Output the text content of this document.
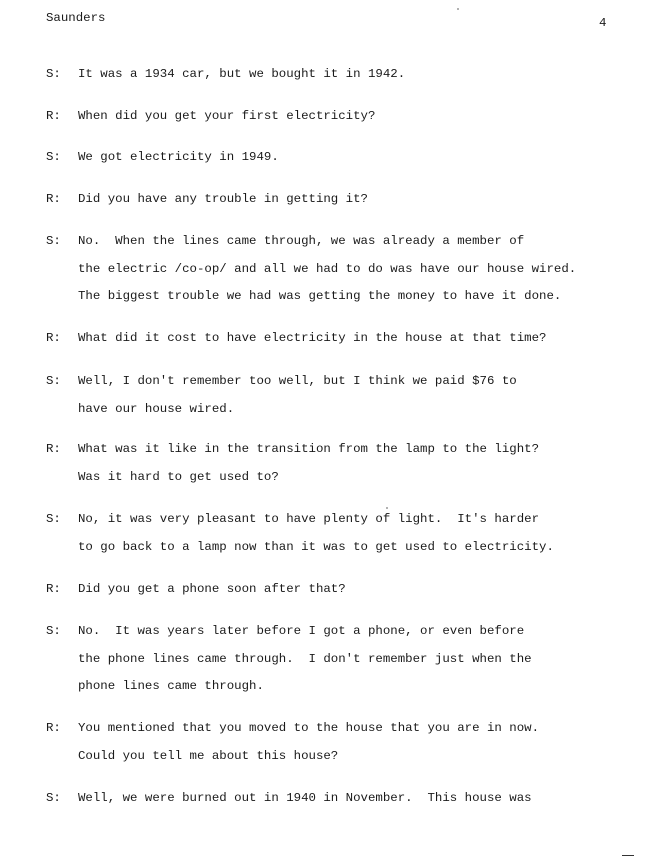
Saunders	4
S: It was a 1934 car, but we bought it in 1942.
R: When did you get your first electricity?
S: We got electricity in 1949.
R: Did you have any trouble in getting it?
S: No.  When the lines came through, we was already a member of
the electric /co-op/ and all we had to do was have our house wired.
The biggest trouble we had was getting the money to have it done.
R: What did it cost to have electricity in the house at that time?
S: Well, I don't remember too well, but I think we paid $76 to
have our house wired.
R: What was it like in the transition from the lamp to the light?
Was it hard to get used to?
S: No, it was very pleasant to have plenty of light.  It's harder
to go back to a lamp now than it was to get used to electricity.
R: Did you get a phone soon after that?
S: No.  It was years later before I got a phone, or even before
the phone lines came through.  I don't remember just when the
phone lines came through.
R: You mentioned that you moved to the house that you are in now.
Could you tell me about this house?
S: Well, we were burned out in 1940 in November.  This house was
